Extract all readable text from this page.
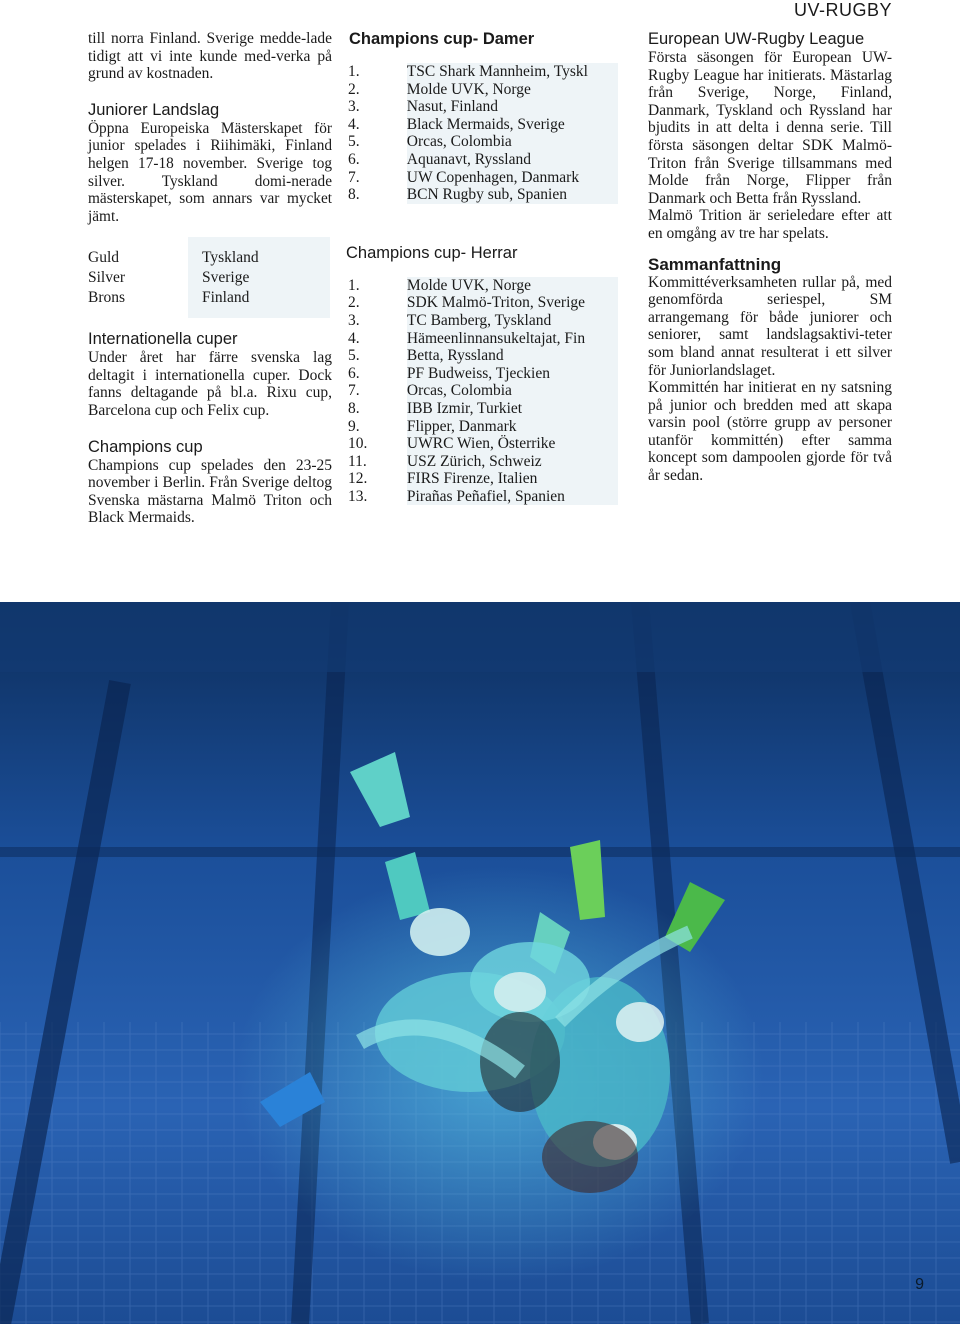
UV-RUGBY

till norra Finland. Sverige medde-lade tidigt att vi inte kunde med-verka på grund av kostnaden.

Juniorer Landslag

Öppna Europeiska Mästerskapet för junior spelades i Riihimäki, Finland helgen 17-18 november. Sverige tog silver. Tyskland domi-nerade mästerskapet, som annars var mycket jämt.

Guld	Tyskland
Silver	Sverige
Brons	Finland
Internationella cuper

Under året har färre svenska lag deltagit i internationella cuper. Dock fanns deltagande på bl.a. Rixu cup, Barcelona cup och Felix cup.

Champions cup

Champions cup spelades den 23-25 november i Berlin. Från Sverige deltog Svenska mästarna Malmö Triton och Black Mermaids.

Champions cup- Damer
1.	TSC Shark Mannheim, Tyskl
2.	Molde UVK, Norge
3.	Nasut, Finland
4.	Black Mermaids, Sverige
5.	Orcas, Colombia
6.	Aquanavt, Ryssland
7.	UW Copenhagen, Danmark
8.	BCN Rugby sub, Spanien
Champions cup- Herrar
1.	Molde UVK, Norge
2.	SDK Malmö-Triton, Sverige
3.	TC Bamberg, Tyskland
4.	Hämeenlinnansukeltajat, Fin
5.	Betta, Ryssland
6.	PF Budweiss, Tjeckien
7.	Orcas, Colombia
8.	IBB Izmir, Turkiet
9.	Flipper, Danmark
10.	UWRC Wien, Österrike
11.	USZ Zürich, Schweiz
12.	FIRS Firenze, Italien
13.	Pirañas Peñafiel, Spanien
European UW-Rugby League

Första säsongen för European UW-Rugby League har initierats. Mästarlag från Sverige, Norge, Finland, Danmark, Tyskland och Ryssland har bjudits in att delta i denna serie. Till första säsongen deltar SDK Malmö-Triton från Sverige tillsammans med Molde från Norge, Flipper från Danmark och Betta från Ryssland.

Malmö Trition är serieledare efter att en omgång av tre har spelats.

Sammanfattning

Kommittéverksamheten rullar på, med genomförda seriespel, SM arrangemang för både juniorer och seniorer, samt landslagsaktivi-teter som bland annat resulterat i ett silver för Juniorlandslaget.

Kommittén har initierat en ny satsning på junior och bredden med att skapa varsin pool (större grupp av personer utanför kommittén) efter samma koncept som dampoolen gjorde för två år sedan.

9
